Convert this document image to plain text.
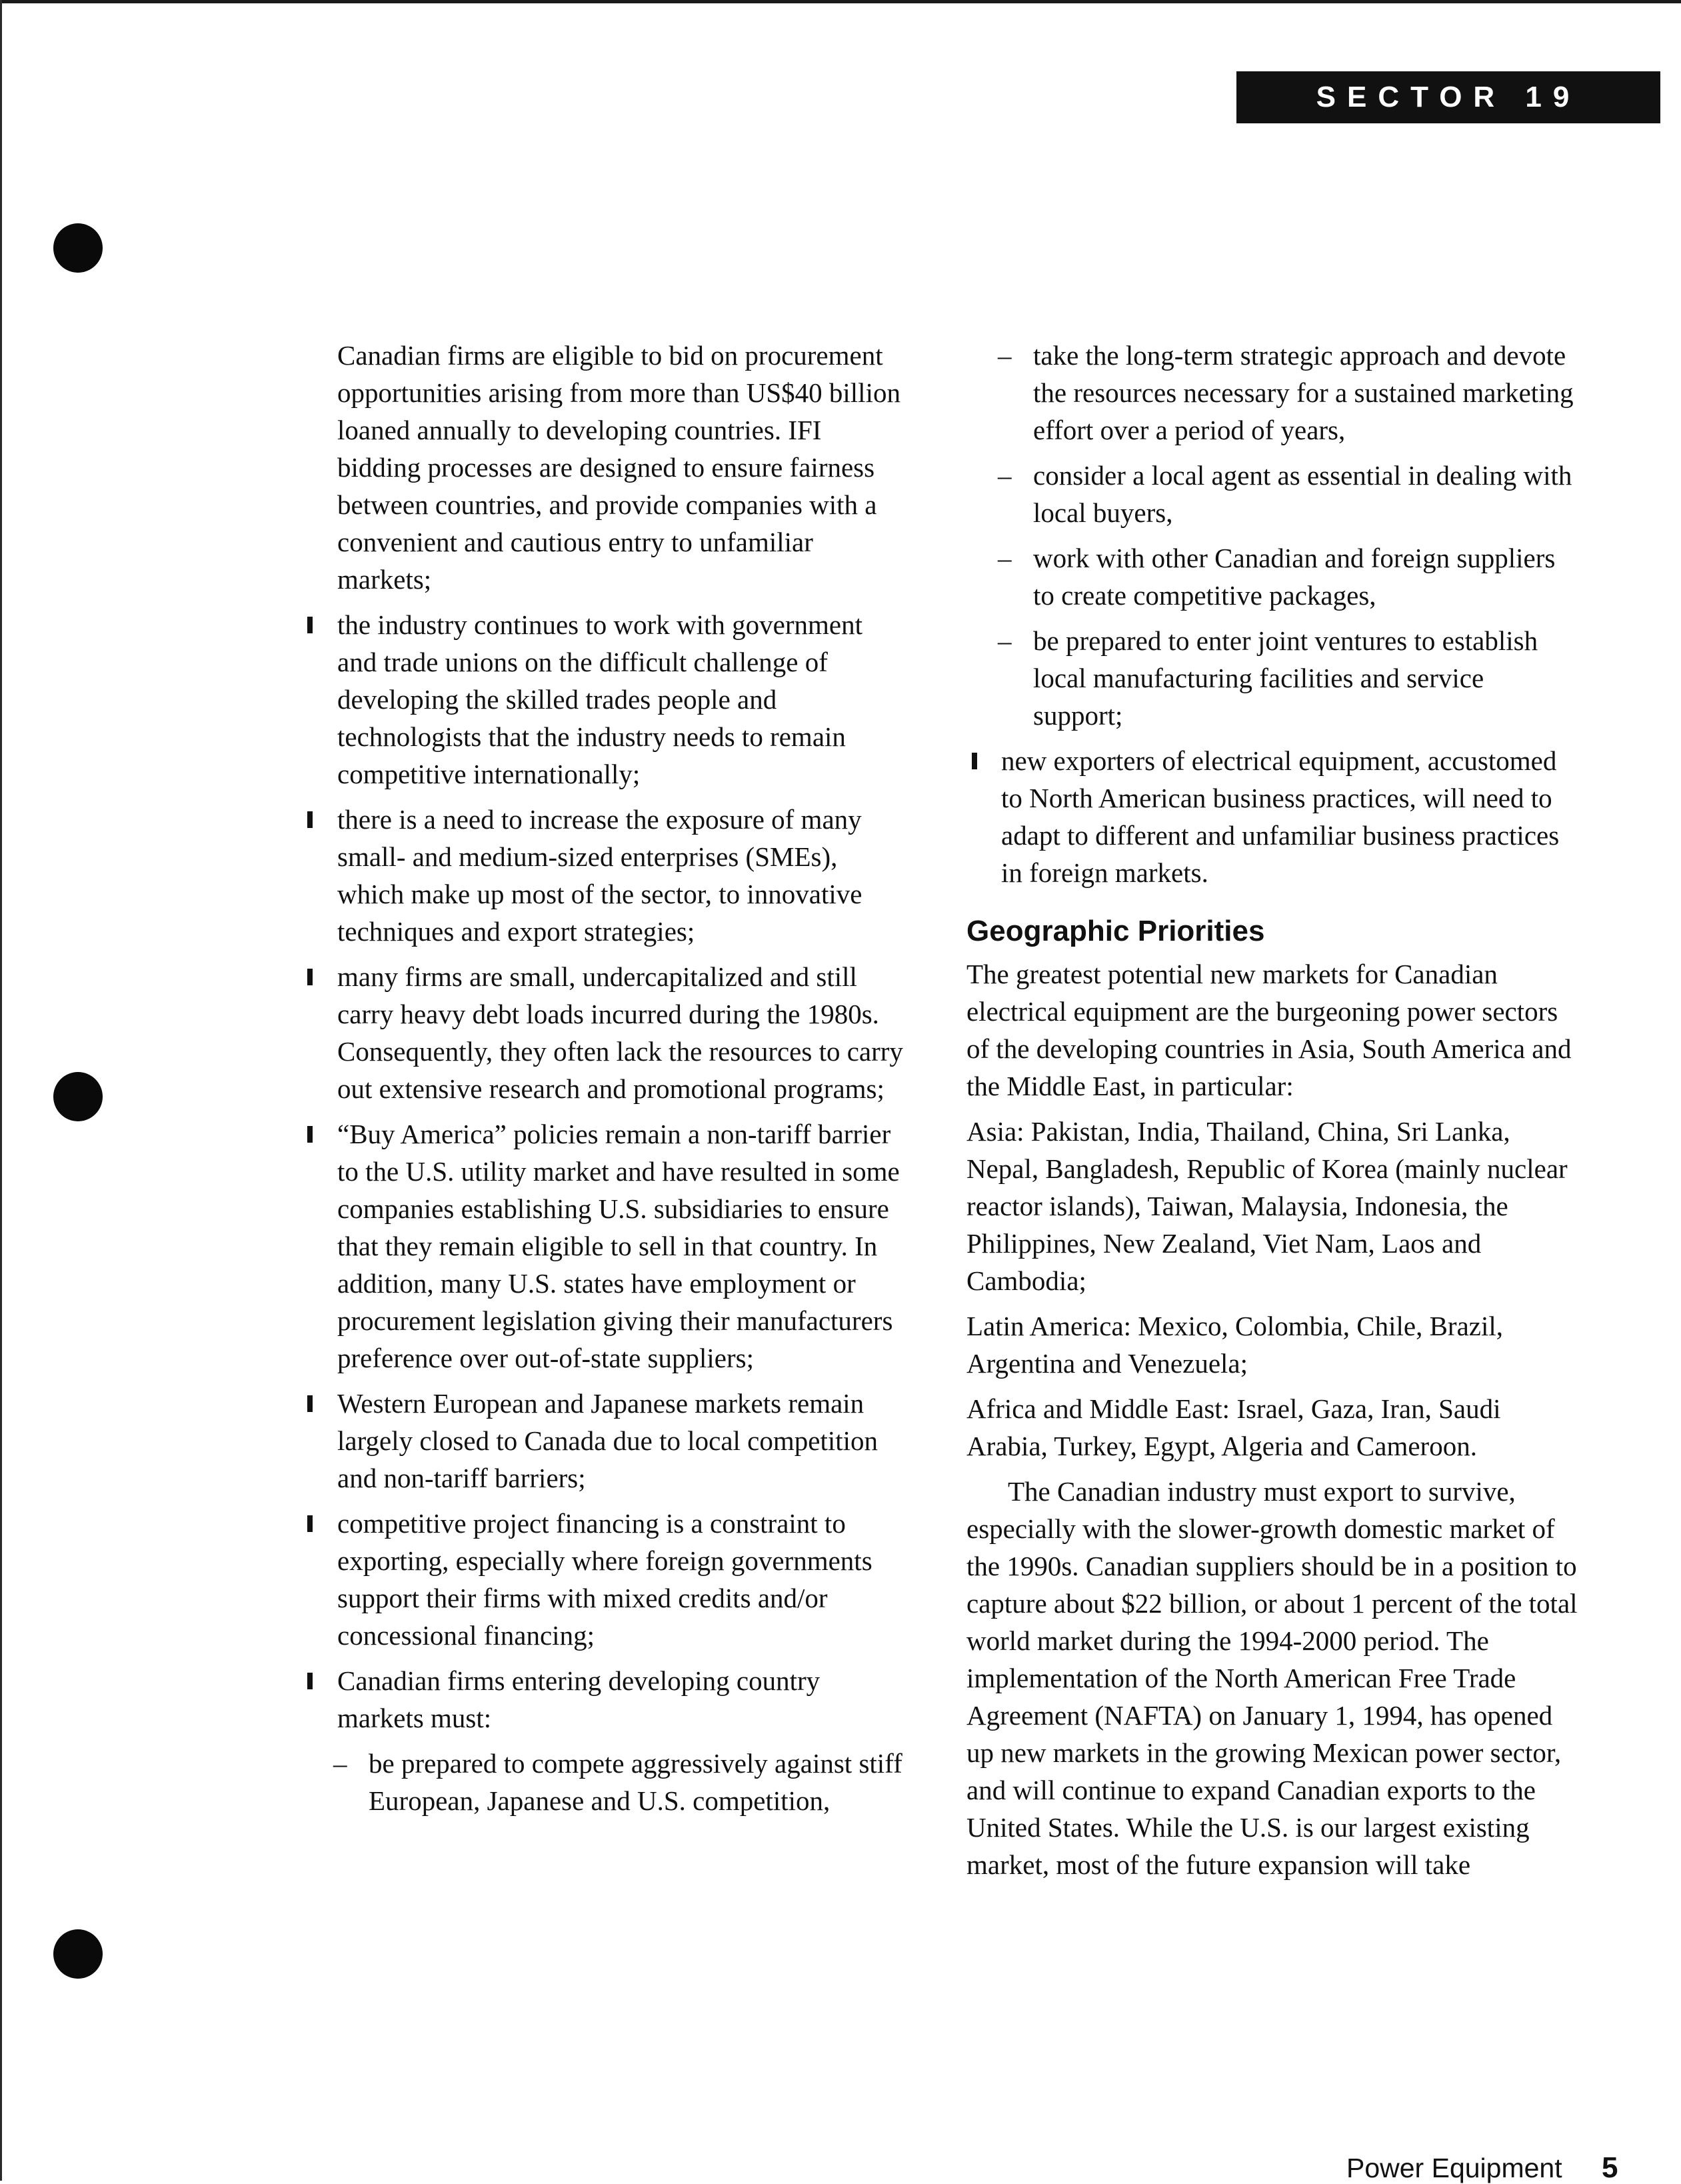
SECTOR 19

Canadian firms are eligible to bid on procurement opportunities arising from more than US$40 billion loaned annually to developing countries. IFI bidding processes are designed to ensure fairness between countries, and provide companies with a convenient and cautious entry to unfamiliar markets;

the industry continues to work with government and trade unions on the difficult challenge of developing the skilled trades people and technologists that the industry needs to remain competitive internationally;
there is a need to increase the exposure of many small- and medium-sized enterprises (SMEs), which make up most of the sector, to innovative techniques and export strategies;
many firms are small, undercapitalized and still carry heavy debt loads incurred during the 1980s. Consequently, they often lack the resources to carry out extensive research and promotional programs;
“Buy America” policies remain a non-tariff barrier to the U.S. utility market and have resulted in some companies establishing U.S. subsidiaries to ensure that they remain eligible to sell in that country. In addition, many U.S. states have employment or procurement legislation giving their manufacturers preference over out-of-state suppliers;
Western European and Japanese markets remain largely closed to Canada due to local competition and non-tariff barriers;
competitive project financing is a constraint to exporting, especially where foreign governments support their firms with mixed credits and/or concessional financing;
Canadian firms entering developing country markets must:
– be prepared to compete aggressively against stiff European, Japanese and U.S. competition,
– take the long-term strategic approach and devote the resources necessary for a sustained marketing effort over a period of years,
– consider a local agent as essential in dealing with local buyers,
– work with other Canadian and foreign suppliers to create competitive packages,
– be prepared to enter joint ventures to establish local manufacturing facilities and service support;
new exporters of electrical equipment, accustomed to North American business practices, will need to adapt to different and unfamiliar business practices in foreign markets.
Geographic Priorities

The greatest potential new markets for Canadian electrical equipment are the burgeoning power sectors of the developing countries in Asia, South America and the Middle East, in particular:

Asia: Pakistan, India, Thailand, China, Sri Lanka, Nepal, Bangladesh, Republic of Korea (mainly nuclear reactor islands), Taiwan, Malaysia, Indonesia, the Philippines, New Zealand, Viet Nam, Laos and Cambodia;

Latin America: Mexico, Colombia, Chile, Brazil, Argentina and Venezuela;

Africa and Middle East: Israel, Gaza, Iran, Saudi Arabia, Turkey, Egypt, Algeria and Cameroon.

The Canadian industry must export to survive, especially with the slower-growth domestic market of the 1990s. Canadian suppliers should be in a position to capture about $22 billion, or about 1 percent of the total world market during the 1994-2000 period. The implementation of the North American Free Trade Agreement (NAFTA) on January 1, 1994, has opened up new markets in the growing Mexican power sector, and will continue to expand Canadian exports to the United States. While the U.S. is our largest existing market, most of the future expansion will take

Power Equipment 5
